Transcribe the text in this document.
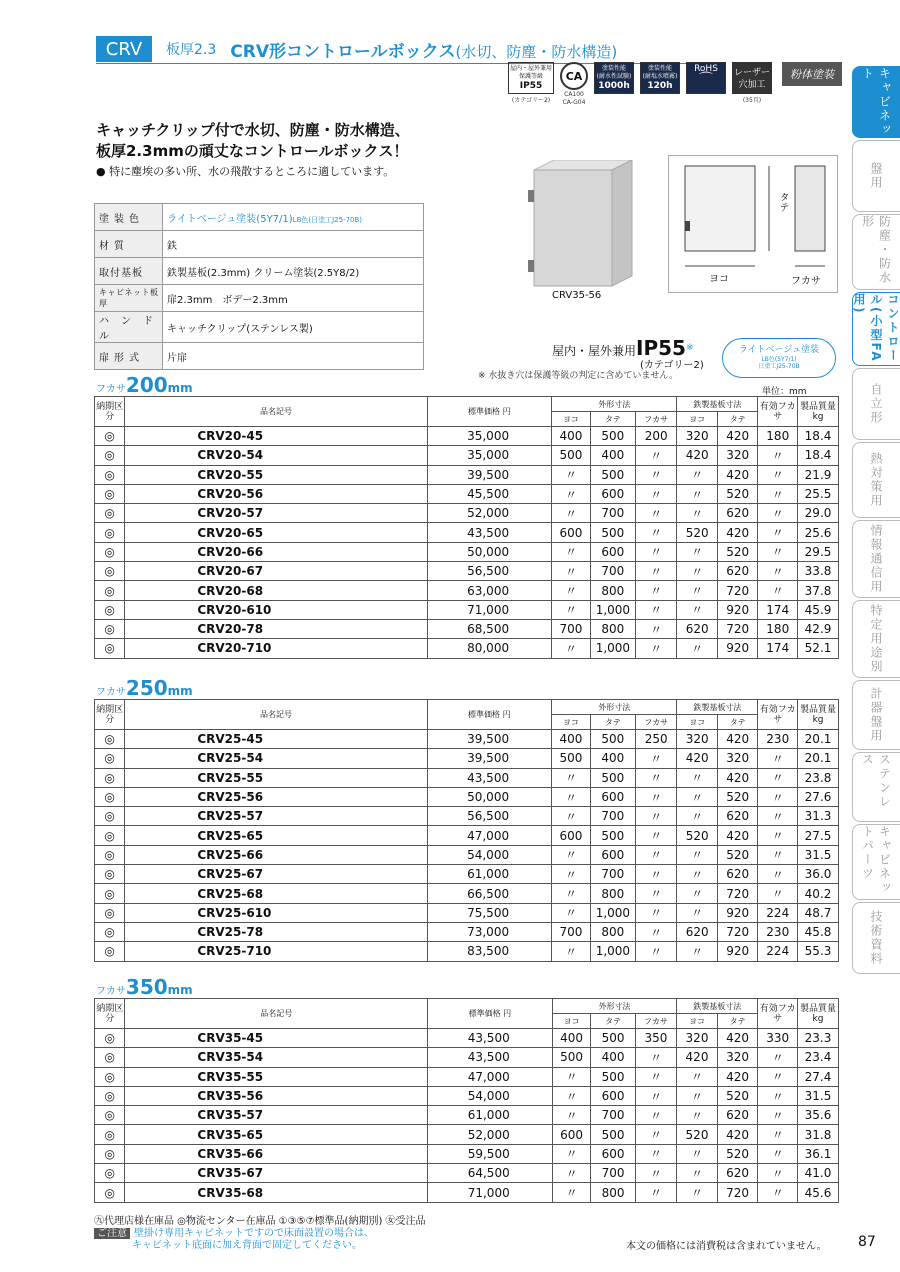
CRV	板厚2.3 CRV形コントロールボックス(水切、防塵・防水構造)
屋内・屋外兼用
保護等級
IP55
(カテゴリー2)
CA
CA100
CA-G04
塗装性能
(耐水性試験)
1000h
塗装性能
(耐塩水噴霧)
120h
RoHS
⌒	レーザー
穴加工
(35頁)
粉体塗装	キャビネット
盤用
防塵・防水形
コントロール(小型FA用)
自立形
熱対策用
情報通信用
特定用途別
計器盤用
ステンレス
キャビネットパーツ
技術資料
キャッチクリップ付で水切、防塵・防水構造、
板厚2.3mmの頑丈なコントロールボックス！
● 特に塵埃の多い所、水の飛散するところに適しています。
塗装色	ライトベージュ塗装(5Y7/1)LB色(日塗工J25-70B)
材質	鉄
取付基板	鉄製基板(2.3mm) クリーム塗装(2.5Y8/2)
キャビネット板厚	扉2.3mm　ボデー2.3mm
ハンドル	キャッチクリップ(ステンレス製)
扉形式	片扉
CRV35-56
タテ
ヨコ	フカサ
屋内・屋外兼用IP55※
(カテゴリー2)
※ 水抜き穴は保護等級の判定に含めていません。
ライトベージュ塗装
LB色(5Y7/1)
日塗工J25-70B
単位：mm
フカサ200mm
納期区分	品名記号		標準価格 円	外形寸法			鉄製基板寸法		有効フカサ	製品質量kg
				ヨコ	タテ	フカサ	ヨコ	タテ		
◎	CRV20-45		35,000	400	500	200	320	420	180	18.4
◎	CRV20-54		35,000	500	400	〃	420	320	〃	18.4
◎	CRV20-55		39,500	〃	500	〃	〃	420	〃	21.9
◎	CRV20-56		45,500	〃	600	〃	〃	520	〃	25.5
◎	CRV20-57		52,000	〃	700	〃	〃	620	〃	29.0
◎	CRV20-65		43,500	600	500	〃	520	420	〃	25.6
◎	CRV20-66		50,000	〃	600	〃	〃	520	〃	29.5
◎	CRV20-67		56,500	〃	700	〃	〃	620	〃	33.8
◎	CRV20-68		63,000	〃	800	〃	〃	720	〃	37.8
◎	CRV20-610		71,000	〃	1,000	〃	〃	920	174	45.9
◎	CRV20-78		68,500	700	800	〃	620	720	180	42.9
◎	CRV20-710		80,000	〃	1,000	〃	〃	920	174	52.1
フカサ250mm
納期区分	品名記号		標準価格 円	外形寸法			鉄製基板寸法		有効フカサ	製品質量kg
				ヨコ	タテ	フカサ	ヨコ	タテ		
◎	CRV25-45		39,500	400	500	250	320	420	230	20.1
◎	CRV25-54		39,500	500	400	〃	420	320	〃	20.1
◎	CRV25-55		43,500	〃	500	〃	〃	420	〃	23.8
◎	CRV25-56		50,000	〃	600	〃	〃	520	〃	27.6
◎	CRV25-57		56,500	〃	700	〃	〃	620	〃	31.3
◎	CRV25-65		47,000	600	500	〃	520	420	〃	27.5
◎	CRV25-66		54,000	〃	600	〃	〃	520	〃	31.5
◎	CRV25-67		61,000	〃	700	〃	〃	620	〃	36.0
◎	CRV25-68		66,500	〃	800	〃	〃	720	〃	40.2
◎	CRV25-610		75,500	〃	1,000	〃	〃	920	224	48.7
◎	CRV25-78		73,000	700	800	〃	620	720	230	45.8
◎	CRV25-710		83,500	〃	1,000	〃	〃	920	224	55.3
フカサ350mm
納期区分	品名記号		標準価格 円	外形寸法			鉄製基板寸法		有効フカサ	製品質量kg
				ヨコ	タテ	フカサ	ヨコ	タテ		
◎	CRV35-45		43,500	400	500	350	320	420	330	23.3
◎	CRV35-54		43,500	500	400	〃	420	320	〃	23.4
◎	CRV35-55		47,000	〃	500	〃	〃	420	〃	27.4
◎	CRV35-56		54,000	〃	600	〃	〃	520	〃	31.5
◎	CRV35-57		61,000	〃	700	〃	〃	620	〃	35.6
◎	CRV35-65		52,000	600	500	〃	520	420	〃	31.8
◎	CRV35-66		59,500	〃	600	〃	〃	520	〃	36.1
◎	CRV35-67		64,500	〃	700	〃	〃	620	〃	41.0
◎	CRV35-68		71,000	〃	800	〃	〃	720	〃	45.6
㊈代理店様在庫品 ◎物流センター在庫品 ①③⑤⑦標準品(納期別) ㊛受注品
ご注意 壁掛け専用キャビネットですので床面設置の場合は、
キャビネット底面に加え背面で固定してください。	本文の価格には消費税は含まれていません。 87
